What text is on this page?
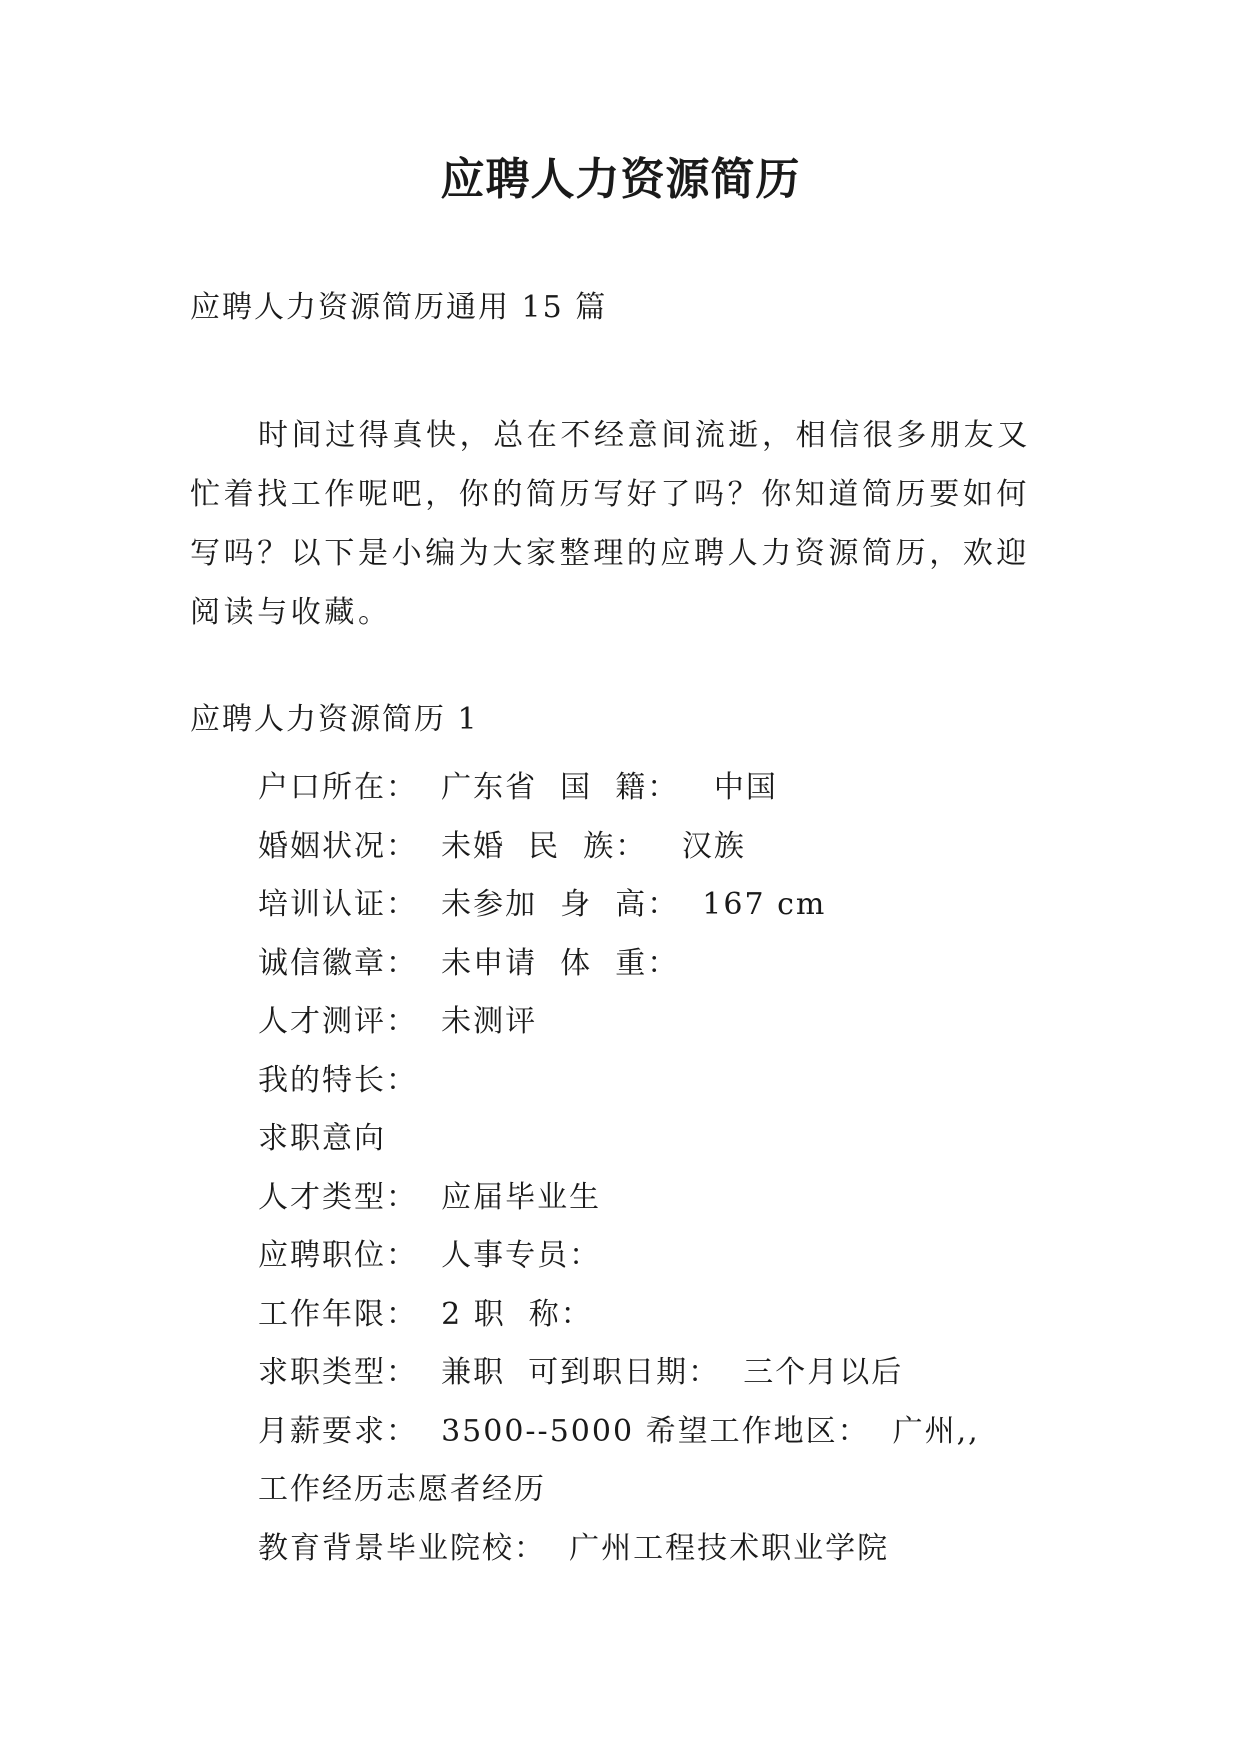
应聘人力资源简历

应聘人力资源简历通用 15 篇

时间过得真快，总在不经意间流逝，相信很多朋友又忙着找工作呢吧，你的简历写好了吗？你知道简历要如何写吗？以下是小编为大家整理的应聘人力资源简历，欢迎阅读与收藏。

应聘人力资源简历 1

户口所在：  广东省  国  籍：   中国
婚姻状况：  未婚  民  族：   汉族
培训认证：  未参加  身  高：  167 cm
诚信徽章：  未申请  体  重：
人才测评：  未测评
我的特长：
求职意向
人才类型：  应届毕业生
应聘职位：  人事专员：
工作年限：  2 职  称：
求职类型：  兼职  可到职日期：  三个月以后
月薪要求：  3500--5000 希望工作地区：  广州,,
工作经历志愿者经历
教育背景毕业院校：  广州工程技术职业学院
